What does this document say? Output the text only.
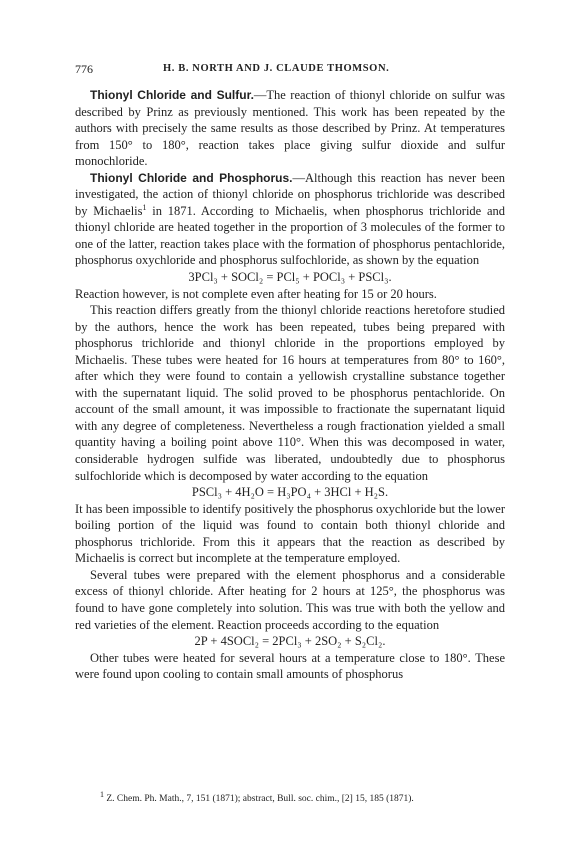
776	H. B. NORTH AND J. CLAUDE THOMSON.

Thionyl Chloride and Sulfur.—The reaction of thionyl chloride on sulfur was described by Prinz as previously mentioned. This work has been repeated by the authors with precisely the same results as those described by Prinz. At temperatures from 150° to 180°, reaction takes place giving sulfur dioxide and sulfur monochloride.

Thionyl Chloride and Phosphorus.—Although this reaction has never been investigated, the action of thionyl chloride on phosphorus trichloride was described by Michaelis$^1$ in 1871. According to Michaelis, when phosphorus trichloride and thionyl chloride are heated together in the proportion of 3 molecules of the former to one of the latter, reaction takes place with the formation of phosphorus pentachloride, phosphorus oxychloride and phosphorus sulfochloride, as shown by the equation

3PCl₃ + SOCl₂ = PCl₅ + POCl₃ + PSCl₃.

Reaction however, is not complete even after heating for 15 or 20 hours.

This reaction differs greatly from the thionyl chloride reactions heretofore studied by the authors, hence the work has been repeated, tubes being prepared with phosphorus trichloride and thionyl chloride in the proportions employed by Michaelis. These tubes were heated for 16 hours at temperatures from 80° to 160°, after which they were found to contain a yellowish crystalline substance together with the supernatant liquid. The solid proved to be phosphorus pentachloride. On account of the small amount, it was impossible to fractionate the supernatant liquid with any degree of completeness. Nevertheless a rough fractionation yielded a small quantity having a boiling point above 110°. When this was decomposed in water, considerable hydrogen sulfide was liberated, undoubtedly due to phosphorus sulfochloride which is decomposed by water according to the equation

PSCl₃ + 4H₂O = H₃PO₄ + 3HCl + H₂S.

It has been impossible to identify positively the phosphorus oxychloride but the lower boiling portion of the liquid was found to contain both thionyl chloride and phosphorus trichloride. From this it appears that the reaction as described by Michaelis is correct but incomplete at the temperature employed.

Several tubes were prepared with the element phosphorus and a considerable excess of thionyl chloride. After heating for 2 hours at 125°, the phosphorus was found to have gone completely into solution. This was true with both the yellow and red varieties of the element. Reaction proceeds according to the equation

2P + 4SOCl₂ = 2PCl₃ + 2SO₂ + S₂Cl₂.

Other tubes were heated for several hours at a temperature close to 180°. These were found upon cooling to contain small amounts of phosphorus

$^1$ Z. Chem. Ph. Math., 7, 151 (1871); abstract, Bull. soc. chim., [2] 15, 185 (1871).
